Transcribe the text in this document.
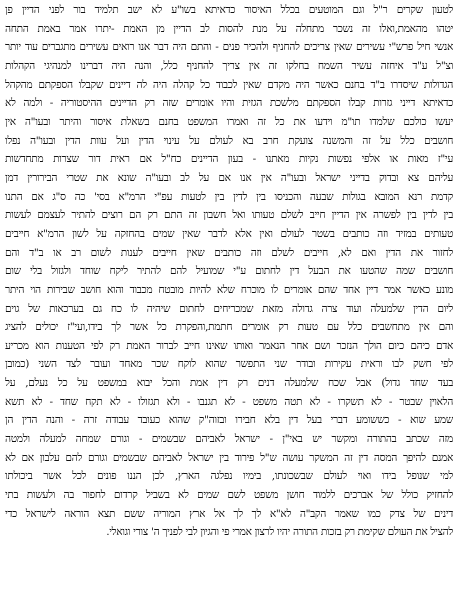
לטעון שקרים ר"ל וגם המוטעים בכלל האיסור כדאיתא בשו"ע לא ישב תלמיד בור לפני הדיין פן
יטהו מהאמת,ואלו זה נשכר מתחלה על מנת להסות לב הדיין מן האמת -יתרו אמר באמת התחה
אנשי חיל פרש"י עשירים שאין צריכים להחניף ולהכיר פנים - והתם היה דבר אנו רואים עשירים מתגברים עוד יותר
וצ"ל ע"ד איחזה עשיר השמח בחלקו זה אין צריך להחניף כלל, והנה היה דברינו למנהיגי הקהלות
הגדולות שיסדרו ב"ד בחנם כאשר היה מקדם שאין לכבוד כל קהלה היה לה דיינים שקבלו הספקתם מהקהל
כדאיתא דייני גזרות קבלו הספקתם מלשכת הגזית והיו אומרים שזה רק הדיינים ההיסטוריה - ולמה לא
יעשו כולכם שלמדו תו"מ וידעו את כל זה ואמרו המשפט בחנם בשאלת איסור והיתר ובעו"ה אין
חושבים כלל על זה והמשנה צועקת חרב בא לעולם על עינוי הדין ועל עוות הדין ובעו"ה נפלו
עי"ז מאות או אלפי נפשות נקיות מאתנו - בעון הדיינים כח"ל אם ראית דור שצרות מתחדשות
עליהם צא ובדוק בדייני ישראל ובעו"ה אין אנו אם על לב ובעו"ה שונא את שטרי הבירורין דמן
קדמת רנא המובא בגולות שבעה והכניסו בין לדין בין לטעות עפ"י הרמ"א בסי' כה ס"ג אם התנו
בין לדין בין לפשרה אין הדיין חייב לשלם טעותו ואל חשבון זה התם רק הם רוצים להתיר לעצמם לעשות
טעותים במזיד וזה כותבים בשטר לעולם ואין אלא לדבר שאין שמים בהחזקה על לשון הרמ"א חייבים
לחזור את הדין ואם לא, חייבים לשלם וזה כותבים שאין חייבים לענות לשום רב או ב"ד והם
חושבים שמה שהטעו את הבעל דין לחתום ע"י שמועיל להם להתיר ליקח שוחד ולגזול בלי שום
מונע כאשר אמר דיין אחד שהם אומרים לו מוכרח שלא להיות מובטח מכבוד והוא חושב שבירות הוי היתר
ליום הדין שלמעלה ועוד צרה גדולה מזאת שמכריחים לחתום שיהיה לו כח גם בערכאות של גוים
והם אין מתחשבים כלל עם טעות רק אומרים חתמת,והפקרת כל אשר לך בידו,ועי"ז יכולים להציג
אדם כיהם כיום הולך הנזכר ושם אחר הנאמר ואותו שאינו חייב לברור האמת רק לפי הטענות הוא מכריע
לפי חשק לבו וראית עקירות ובודר שני התפשר שהוא לוקח שכר מאחד ועובר לצד השני (כמובן
בעד שחד גדול) אבל שכח שלמעלה דנים רק דין אמת והכל יבוא במשפט על כל נעלם, על
הלאוין שבטר - לא תשקרו - לא תטה משפט - לא תגנבו - ולא תגזולו - לא תקח שחד - לא תשא
שמע שוא - כששומע דברי בעל דין בלא חבירו ובזוה"ק שהוא כעובד עבודה זרה - והנה הדין הן
מזה שכתב בהתורה ומקשר יש באי"ן - ישראל לאביהם שבשמים - וגורם שמחה למעלה ולמטה
אמנם להיפך המסה דין זה המשקר עושה ש"ל פירוד בין ישראל לאביהם שבשמים וגורם להם עלבון אם לא
למי שנופל בידו ואוי לעולם שבשכונתו, בימיו נפלגה הארץ, לכן הננו פונים לכל אשר ביכולתו
להחזיק כולל של אברכים ללמוד חושן משפט לשם שמים לא בשביל קרדום לחפור בה ולעשות בתי
דינים של צדק כמו שאמר הקב"ה לא"א לך לך אל ארץ המוריה ששם תצא הוראה לישראל כדי
להציל את העולם שקימת רק בזכות התורה יהיו לרצון אמרי פי והגיון לבי לפניך ה' צורי וגואלי.
